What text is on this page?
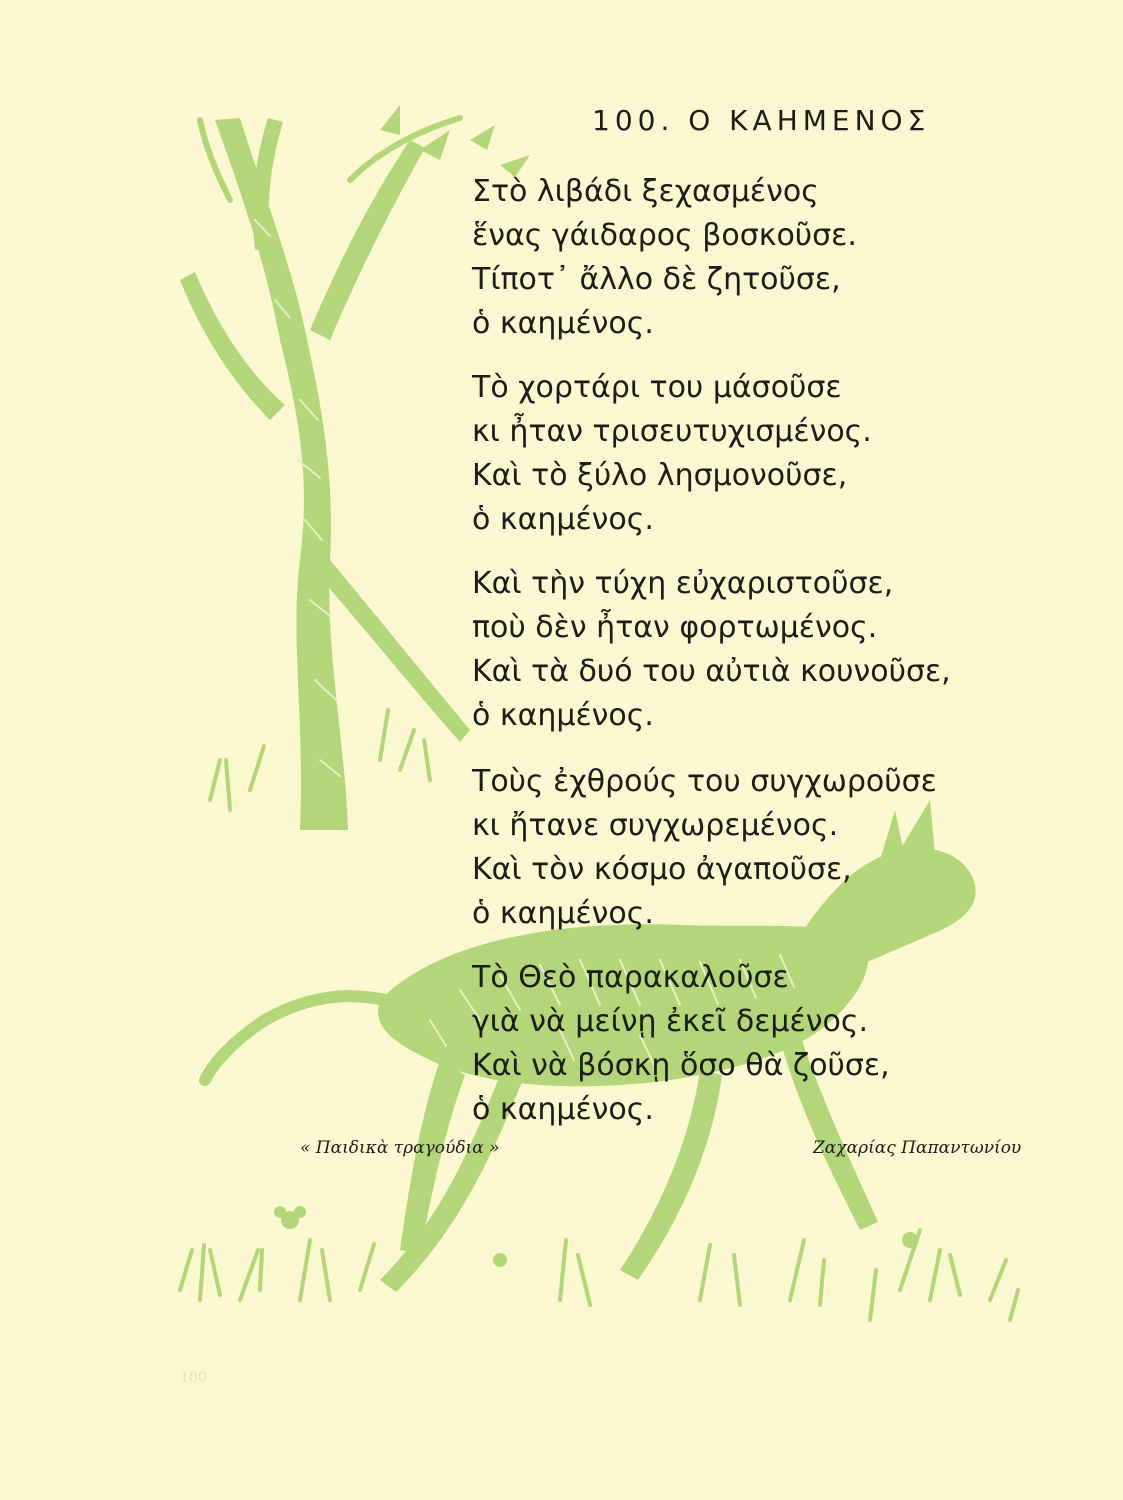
100. Ο ΚΑΗΜΕΝΟΣ
Στὸ λιβάδι ξεχασμένος
ἕνας γάιδαρος βοσκοῦσε.
Τίποτ᾽ ἄλλο δὲ ζητοῦσε,
ὁ καημένος.
Τὸ χορτάρι του μάσοῦσε
κι ἦταν τρισευτυχισμένος.
Καὶ τὸ ξύλο λησμονοῦσε,
ὁ καημένος.
Καὶ τὴν τύχη εὐχαριστοῦσε,
ποὺ δὲν ἦταν φορτωμένος.
Καὶ τὰ δυό του αὐτιὰ κουνοῦσε,
ὁ καημένος.
Τοὺς ἐχθρούς του συγχωροῦσε
κι ἤτανε συγχωρεμένος.
Καὶ τὸν κόσμο ἀγαποῦσε,
ὁ καημένος.
Τὸ Θεὸ παρακαλοῦσε
γιὰ νὰ μείνῃ ἐκεῖ δεμένος.
Καὶ νὰ βόσκῃ ὅσο θὰ ζοῦσε,
ὁ καημένος.
« Παιδικὰ τραγούδια »	Ζαχαρίας Παπαντωνίου
100
